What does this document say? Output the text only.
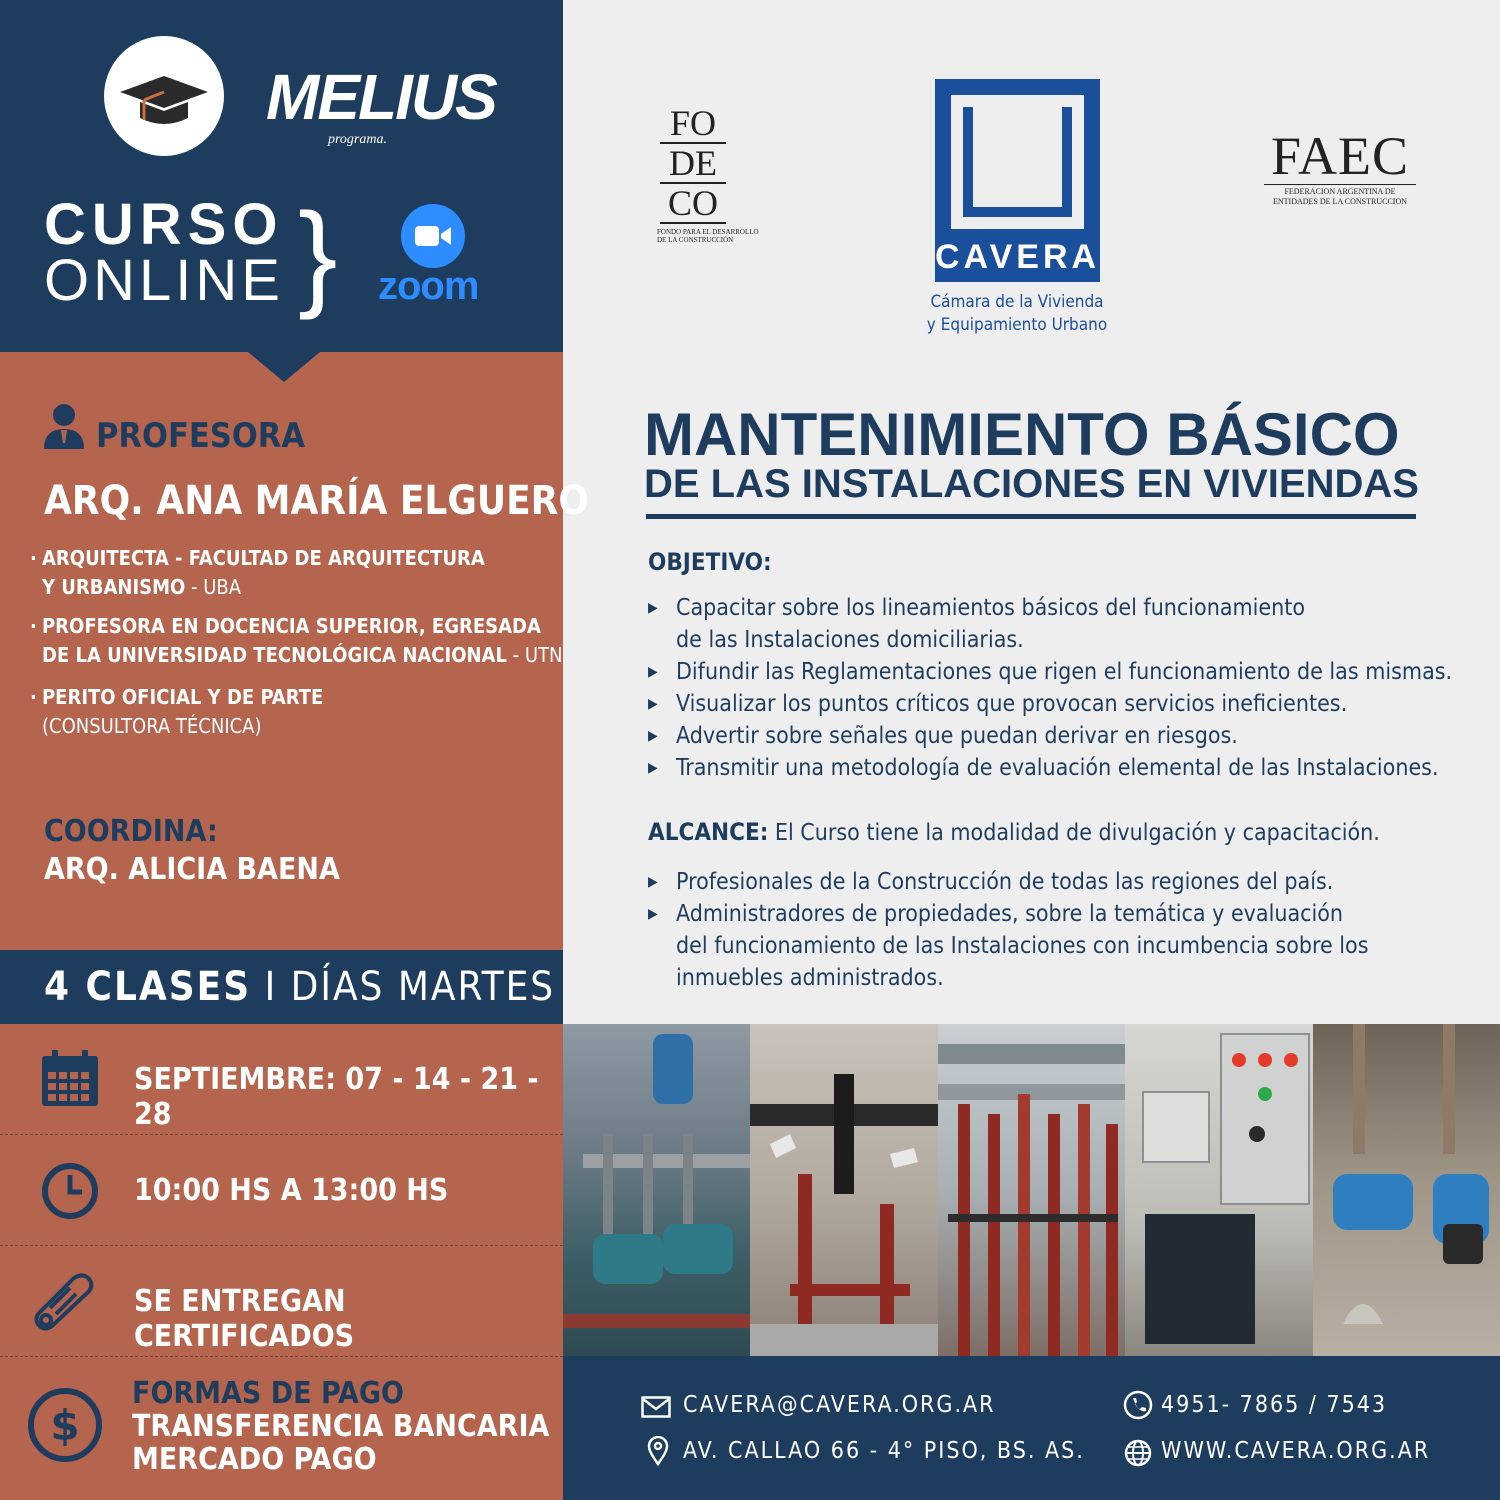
MELIUS
programa.
CURSO
ONLINE } zoom
PROFESORA
ARQ. ANA MARÍA ELGUERO
· ARQUITECTA - FACULTAD DE ARQUITECTURA
Y URBANISMO - UBA
· PROFESORA EN DOCENCIA SUPERIOR, EGRESADA
DE LA UNIVERSIDAD TECNOLÓGICA NACIONAL - UTN
· PERITO OFICIAL Y DE PARTE
(CONSULTORA TÉCNICA)
COORDINA:
ARQ. ALICIA BAENA
4 CLASES I DÍAS MARTES
SEPTIEMBRE: 07 - 14 - 21 - 28
10:00 HS A 13:00 HS
SE ENTREGAN CERTIFICADOS
$
FORMAS DE PAGO
TRANSFERENCIA BANCARIA
MERCADO PAGO
FO
DE
CO
FONDO PARA EL DESARROLLO
DE LA CONSTRUCCIÓN	CAVERA
Cámara de la Vivienda
y Equipamiento Urbano
FAEC
FEDERACION ARGENTINA DE
ENTIDADES DE LA CONSTRUCCION
MANTENIMIENTO BÁSICO
DE LAS INSTALACIONES EN VIVIENDAS
OBJETIVO:
▶ Capacitar sobre los lineamientos básicos del funcionamiento
de las Instalaciones domiciliarias.
▶ Difundir las Reglamentaciones que rigen el funcionamiento de las mismas.
▶ Visualizar los puntos críticos que provocan servicios ineficientes.
▶ Advertir sobre señales que puedan derivar en riesgos.
▶ Transmitir una metodología de evaluación elemental de las Instalaciones.
ALCANCE: El Curso tiene la modalidad de divulgación y capacitación.
▶ Profesionales de la Construcción de todas las regiones del país.
▶ Administradores de propiedades, sobre la temática y evaluación
del funcionamiento de las Instalaciones con incumbencia sobre los
inmuebles administrados.
CAVERA@CAVERA.ORG.AR
AV. CALLAO 66 - 4° PISO, BS. AS.
4951- 7865 / 7543
WWW.CAVERA.ORG.AR
